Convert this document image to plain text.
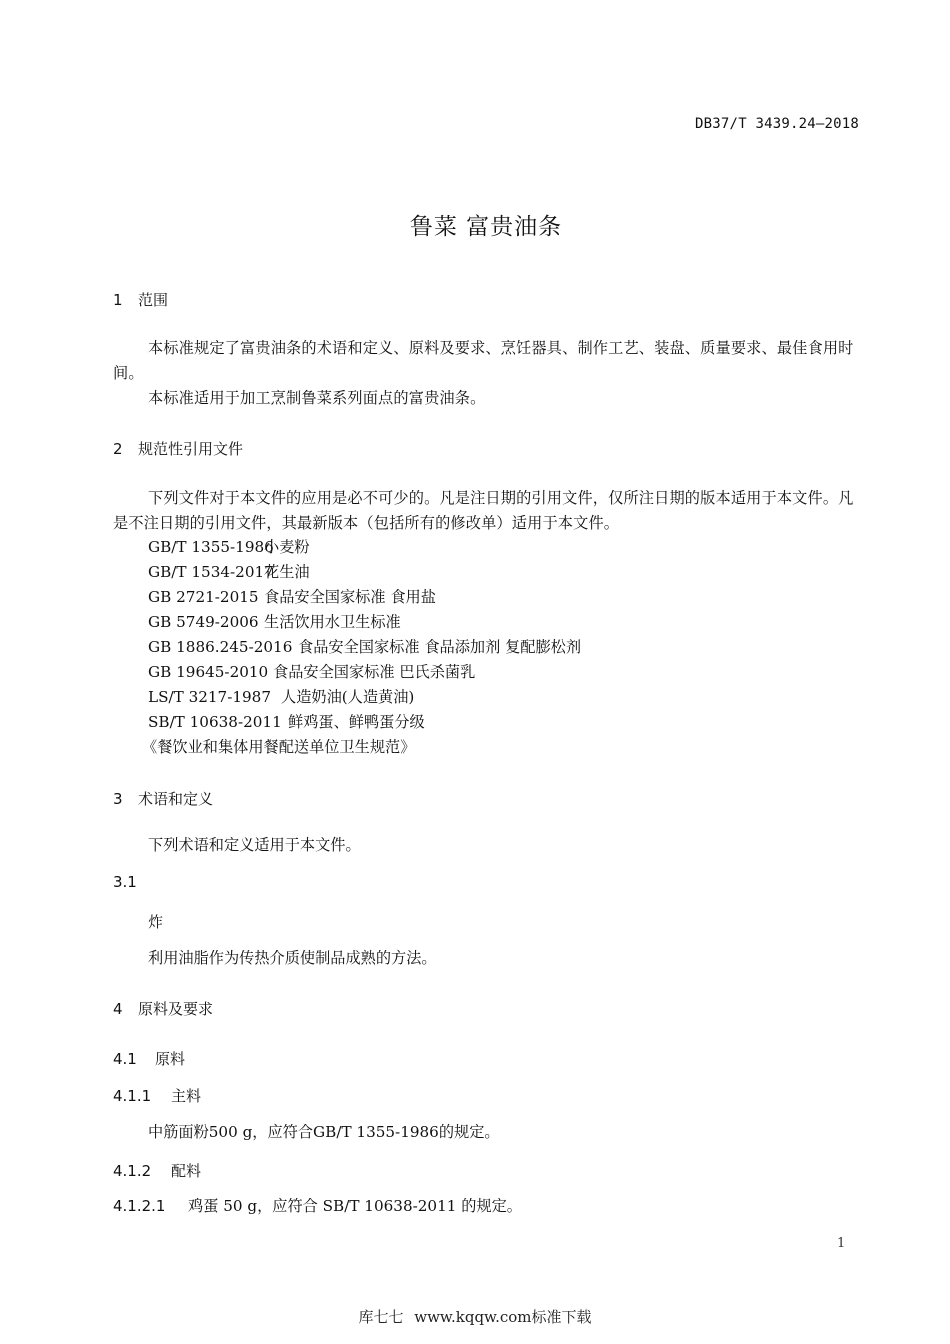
DB37/T 3439.24—2018
鲁菜 富贵油条
1 范围
本标准规定了富贵油条的术语和定义、原料及要求、烹饪器具、制作工艺、装盘、质量要求、最佳食用时间。
本标准适用于加工烹制鲁菜系列面点的富贵油条。
2 规范性引用文件
下列文件对于本文件的应用是必不可少的。凡是注日期的引用文件，仅所注日期的版本适用于本文件。凡是不注日期的引用文件，其最新版本（包括所有的修改单）适用于本文件。
GB/T 1355-1986小麦粉
GB/T 1534-2017花生油
GB 2721-2015 食品安全国家标准 食用盐
GB 5749-2006 生活饮用水卫生标准
GB 1886.245-2016 食品安全国家标准 食品添加剂 复配膨松剂
GB 19645-2010 食品安全国家标准 巴氏杀菌乳
LS/T 3217-1987 人造奶油(人造黄油)
SB/T 10638-2011 鲜鸡蛋、鲜鸭蛋分级
《餐饮业和集体用餐配送单位卫生规范》
3 术语和定义
下列术语和定义适用于本文件。
3.1
炸
利用油脂作为传热介质使制品成熟的方法。
4 原料及要求
4.1 原料
4.1.1 主料
中筋面粉500 g，应符合GB/T 1355-1986的规定。
4.1.2 配料
4.1.2.1 鸡蛋 50 g，应符合 SB/T 10638-2011 的规定。
1
库七七 www.kqqw.com标准下载
